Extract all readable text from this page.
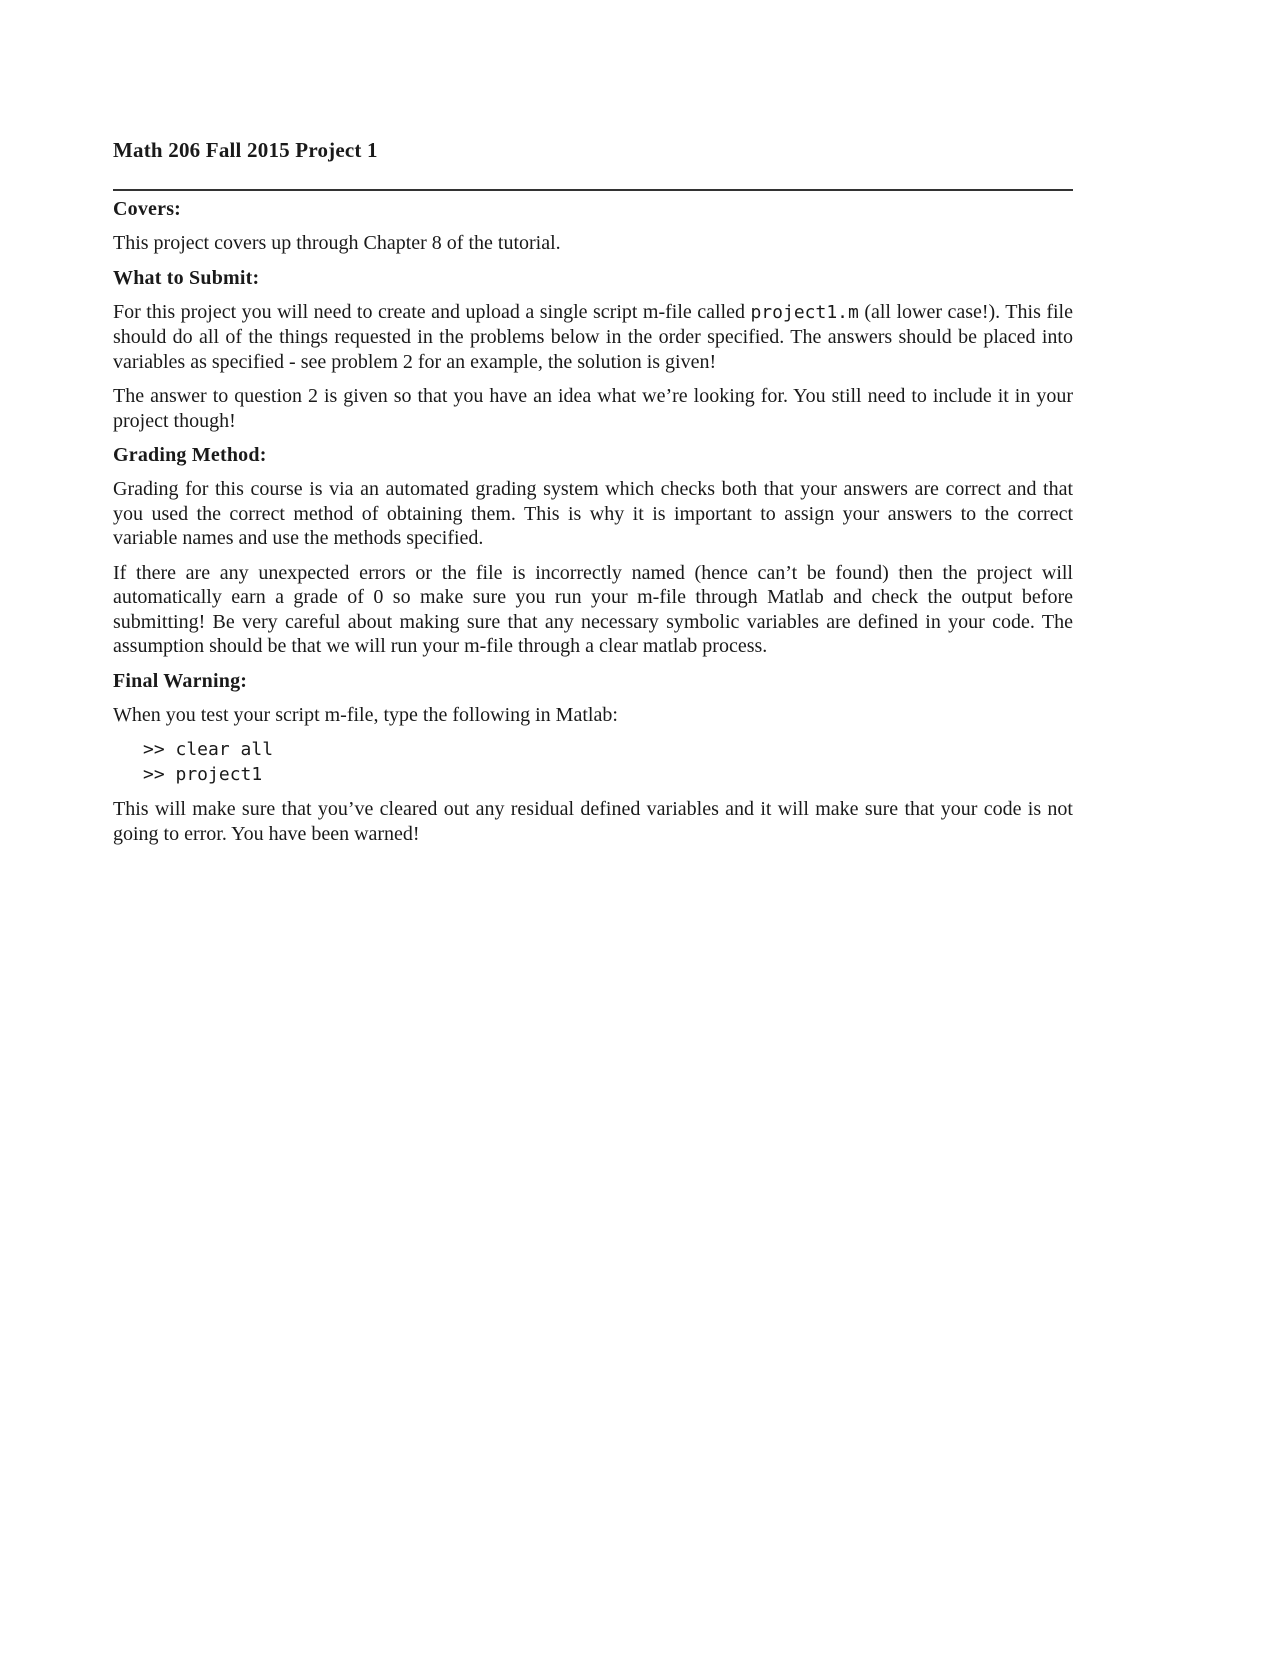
Math 206 Fall 2015 Project 1
Covers:

This project covers up through Chapter 8 of the tutorial.

What to Submit:

For this project you will need to create and upload a single script m-file called project1.m (all lower case!). This file should do all of the things requested in the problems below in the order specified. The answers should be placed into variables as specified - see problem 2 for an example, the solution is given!

The answer to question 2 is given so that you have an idea what we’re looking for. You still need to include it in your project though!

Grading Method:

Grading for this course is via an automated grading system which checks both that your answers are correct and that you used the correct method of obtaining them. This is why it is important to assign your answers to the correct variable names and use the methods specified.

If there are any unexpected errors or the file is incorrectly named (hence can’t be found) then the project will automatically earn a grade of 0 so make sure you run your m-file through Matlab and check the output before submitting! Be very careful about making sure that any necessary symbolic variables are defined in your code. The assumption should be that we will run your m-file through a clear matlab process.

Final Warning:

When you test your script m-file, type the following in Matlab:

>> clear all
>> project1

This will make sure that you’ve cleared out any residual defined variables and it will make sure that your code is not going to error. You have been warned!
